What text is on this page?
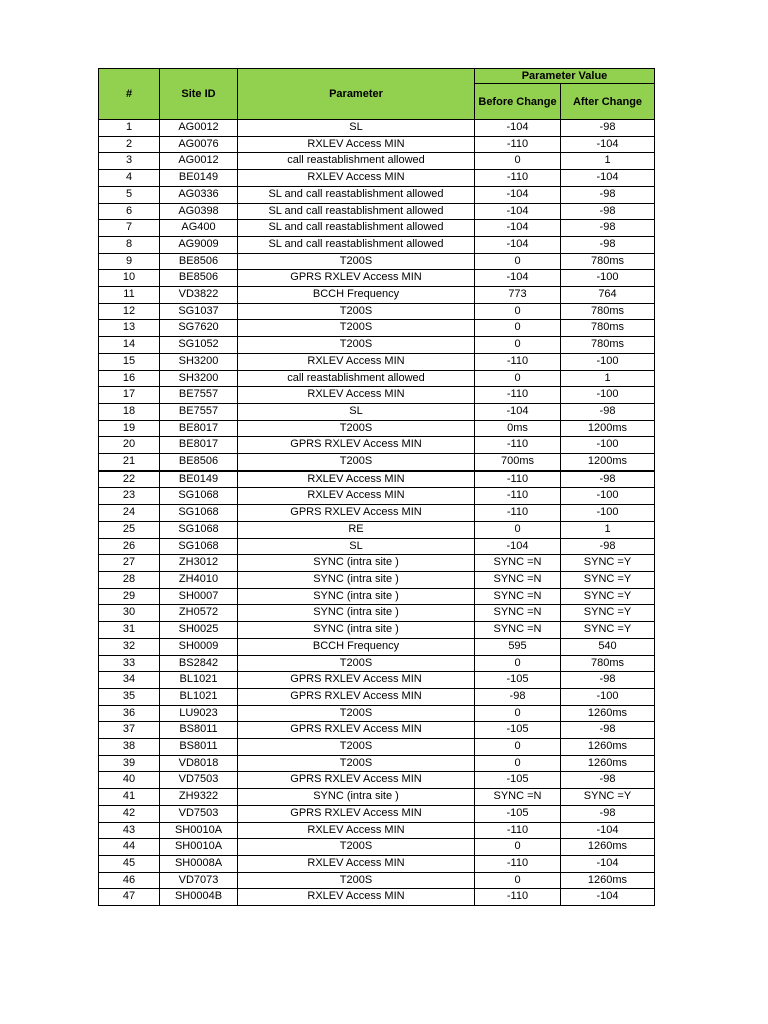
#	Site ID	Parameter	Parameter Value	
			Before Change	After Change
1	AG0012	SL	-104	-98
2	AG0076	RXLEV Access MIN	-110	-104
3	AG0012	call reastablishment allowed	0	1
4	BE0149	RXLEV Access MIN	-110	-104
5	AG0336	SL and call reastablishment allowed	-104	-98
6	AG0398	SL and call reastablishment allowed	-104	-98
7	AG400	SL and call reastablishment allowed	-104	-98
8	AG9009	SL and call reastablishment allowed	-104	-98
9	BE8506	T200S	0	780ms
10	BE8506	GPRS RXLEV Access MIN	-104	-100
11	VD3822	BCCH Frequency	773	764
12	SG1037	T200S	0	780ms
13	SG7620	T200S	0	780ms
14	SG1052	T200S	0	780ms
15	SH3200	RXLEV Access MIN	-110	-100
16	SH3200	call reastablishment allowed	0	1
17	BE7557	RXLEV Access MIN	-110	-100
18	BE7557	SL	-104	-98
19	BE8017	T200S	0ms	1200ms
20	BE8017	GPRS RXLEV Access MIN	-110	-100
21	BE8506	T200S	700ms	1200ms
22	BE0149	RXLEV Access MIN	-110	-98
23	SG1068	RXLEV Access MIN	-110	-100
24	SG1068	GPRS RXLEV Access MIN	-110	-100
25	SG1068	RE	0	1
26	SG1068	SL	-104	-98
27	ZH3012	SYNC (intra site )	SYNC =N	SYNC =Y
28	ZH4010	SYNC (intra site )	SYNC =N	SYNC =Y
29	SH0007	SYNC (intra site )	SYNC =N	SYNC =Y
30	ZH0572	SYNC (intra site )	SYNC =N	SYNC =Y
31	SH0025	SYNC (intra site )	SYNC =N	SYNC =Y
32	SH0009	BCCH Frequency	595	540
33	BS2842	T200S	0	780ms
34	BL1021	GPRS RXLEV Access MIN	-105	-98
35	BL1021	GPRS RXLEV Access MIN	-98	-100
36	LU9023	T200S	0	1260ms
37	BS8011	GPRS RXLEV Access MIN	-105	-98
38	BS8011	T200S	0	1260ms
39	VD8018	T200S	0	1260ms
40	VD7503	GPRS RXLEV Access MIN	-105	-98
41	ZH9322	SYNC (intra site )	SYNC =N	SYNC =Y
42	VD7503	GPRS RXLEV Access MIN	-105	-98
43	SH0010A	RXLEV Access MIN	-110	-104
44	SH0010A	T200S	0	1260ms
45	SH0008A	RXLEV Access MIN	-110	-104
46	VD7073	T200S	0	1260ms
47	SH0004B	RXLEV Access MIN	-110	-104
